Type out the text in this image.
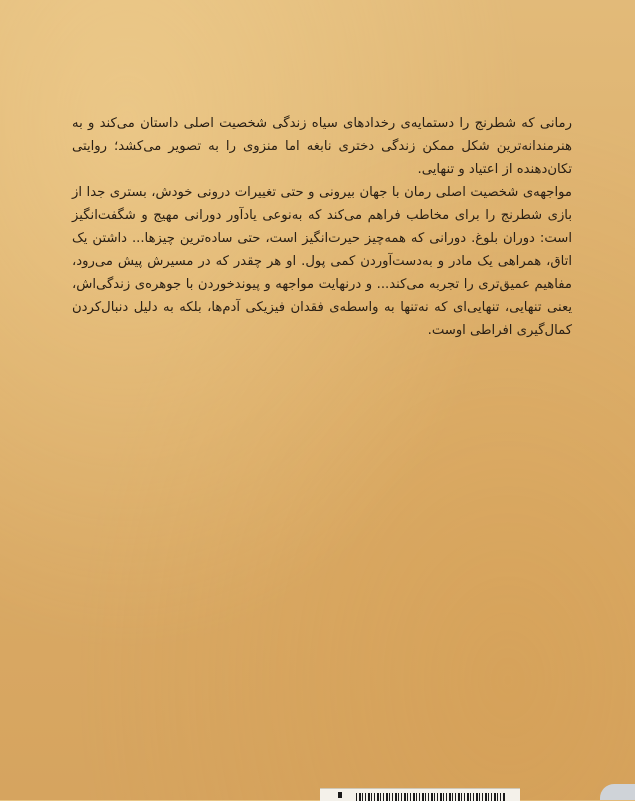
رمانی که شطرنج را دستمایه‌ی رخدادهای سیاه زندگی شخصیت اصلی داستان می‌کند و به هنرمندانه‌ترین شکل ممکن زندگی دختری نابغه اما منزوی را به تصویر می‌کشد؛ روایتی تکان‌دهنده از اعتیاد و تنهایی.

مواجهه‌ی شخصیت اصلی رمان با جهان بیرونی و حتی تغییرات درونی خودش، بستری جدا از بازی شطرنج را برای مخاطب فراهم می‌کند که به‌نوعی یادآور دورانی مهیج و شگفت‌انگیز است: دوران بلوغ. دورانی که همه‌چیز حیرت‌انگیز است، حتی ساده‌ترین چیزها... داشتن یک اتاق، همراهی یک مادر و به‌دست‌آوردن کمی پول. او هر چقدر که در مسیرش پیش می‌رود، مفاهیم عمیق‌تری را تجربه می‌کند... و درنهایت مواجهه و پیوندخوردن با جوهره‌ی زندگی‌اش، یعنی تنهایی، تنهایی‌ای که نه‌تنها به واسطه‌ی فقدان فیزیکی آدم‌ها، بلکه به دلیل دنبال‌کردن کمال‌گیری افراطی اوست.
